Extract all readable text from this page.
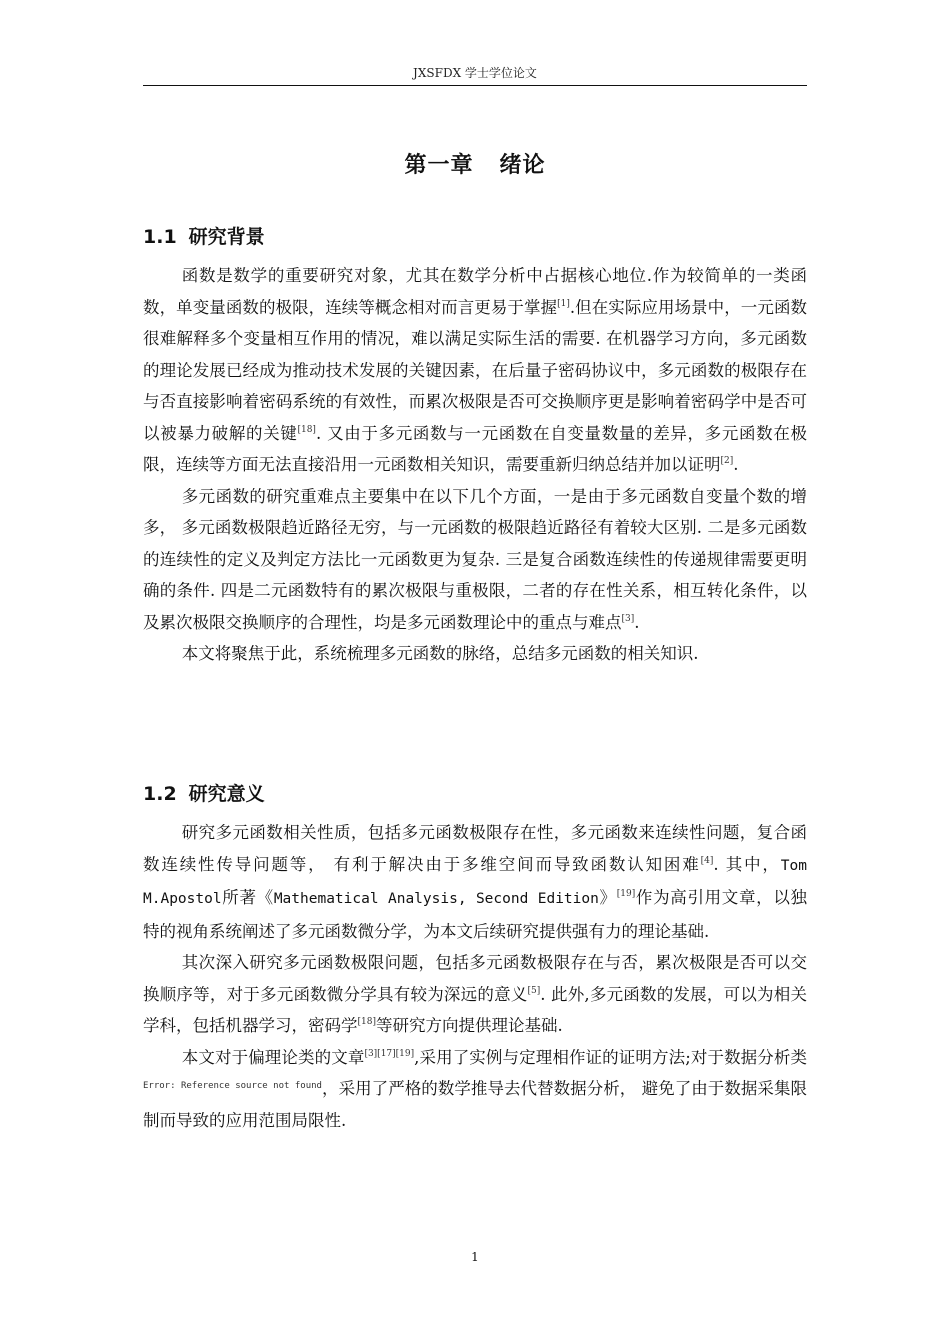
JXSFDX 学士学位论文
第一章 绪论
1.1 研究背景

函数是数学的重要研究对象，尤其在数学分析中占据核心地位.作为较简单的一类函数，单变量函数的极限，连续等概念相对而言更易于掌握[1].但在实际应用场景中，一元函数很难解释多个变量相互作用的情况，难以满足实际生活的需要. 在机器学习方向，多元函数的理论发展已经成为推动技术发展的关键因素，在后量子密码协议中，多元函数的极限存在与否直接影响着密码系统的有效性，而累次极限是否可交换顺序更是影响着密码学中是否可以被暴力破解的关键[18]. 又由于多元函数与一元函数在自变量数量的差异，多元函数在极限，连续等方面无法直接沿用一元函数相关知识，需要重新归纳总结并加以证明[2].

多元函数的研究重难点主要集中在以下几个方面，一是由于多元函数自变量个数的增多， 多元函数极限趋近路径无穷，与一元函数的极限趋近路径有着较大区别. 二是多元函数的连续性的定义及判定方法比一元函数更为复杂. 三是复合函数连续性的传递规律需要更明确的条件. 四是二元函数特有的累次极限与重极限，二者的存在性关系，相互转化条件，以及累次极限交换顺序的合理性，均是多元函数理论中的重点与难点[3].

本文将聚焦于此，系统梳理多元函数的脉络，总结多元函数的相关知识.

1.2 研究意义

研究多元函数相关性质，包括多元函数极限存在性，多元函数来连续性问题，复合函数连续性传导问题等， 有利于解决由于多维空间而导致函数认知困难[4]. 其中，Tom M.Apostol所著《Mathematical Analysis, Second Edition》[19]作为高引用文章，以独特的视角系统阐述了多元函数微分学，为本文后续研究提供强有力的理论基础.

其次深入研究多元函数极限问题，包括多元函数极限存在与否，累次极限是否可以交换顺序等，对于多元函数微分学具有较为深远的意义[5]. 此外,多元函数的发展，可以为相关学科，包括机器学习，密码学[18]等研究方向提供理论基础.

本文对于偏理论类的文章[3][17][19],采用了实例与定理相作证的证明方法;对于数据分析类$^{Error: Reference source not found}$，采用了严格的数学推导去代替数据分析， 避免了由于数据采集限制而导致的应用范围局限性.

1
